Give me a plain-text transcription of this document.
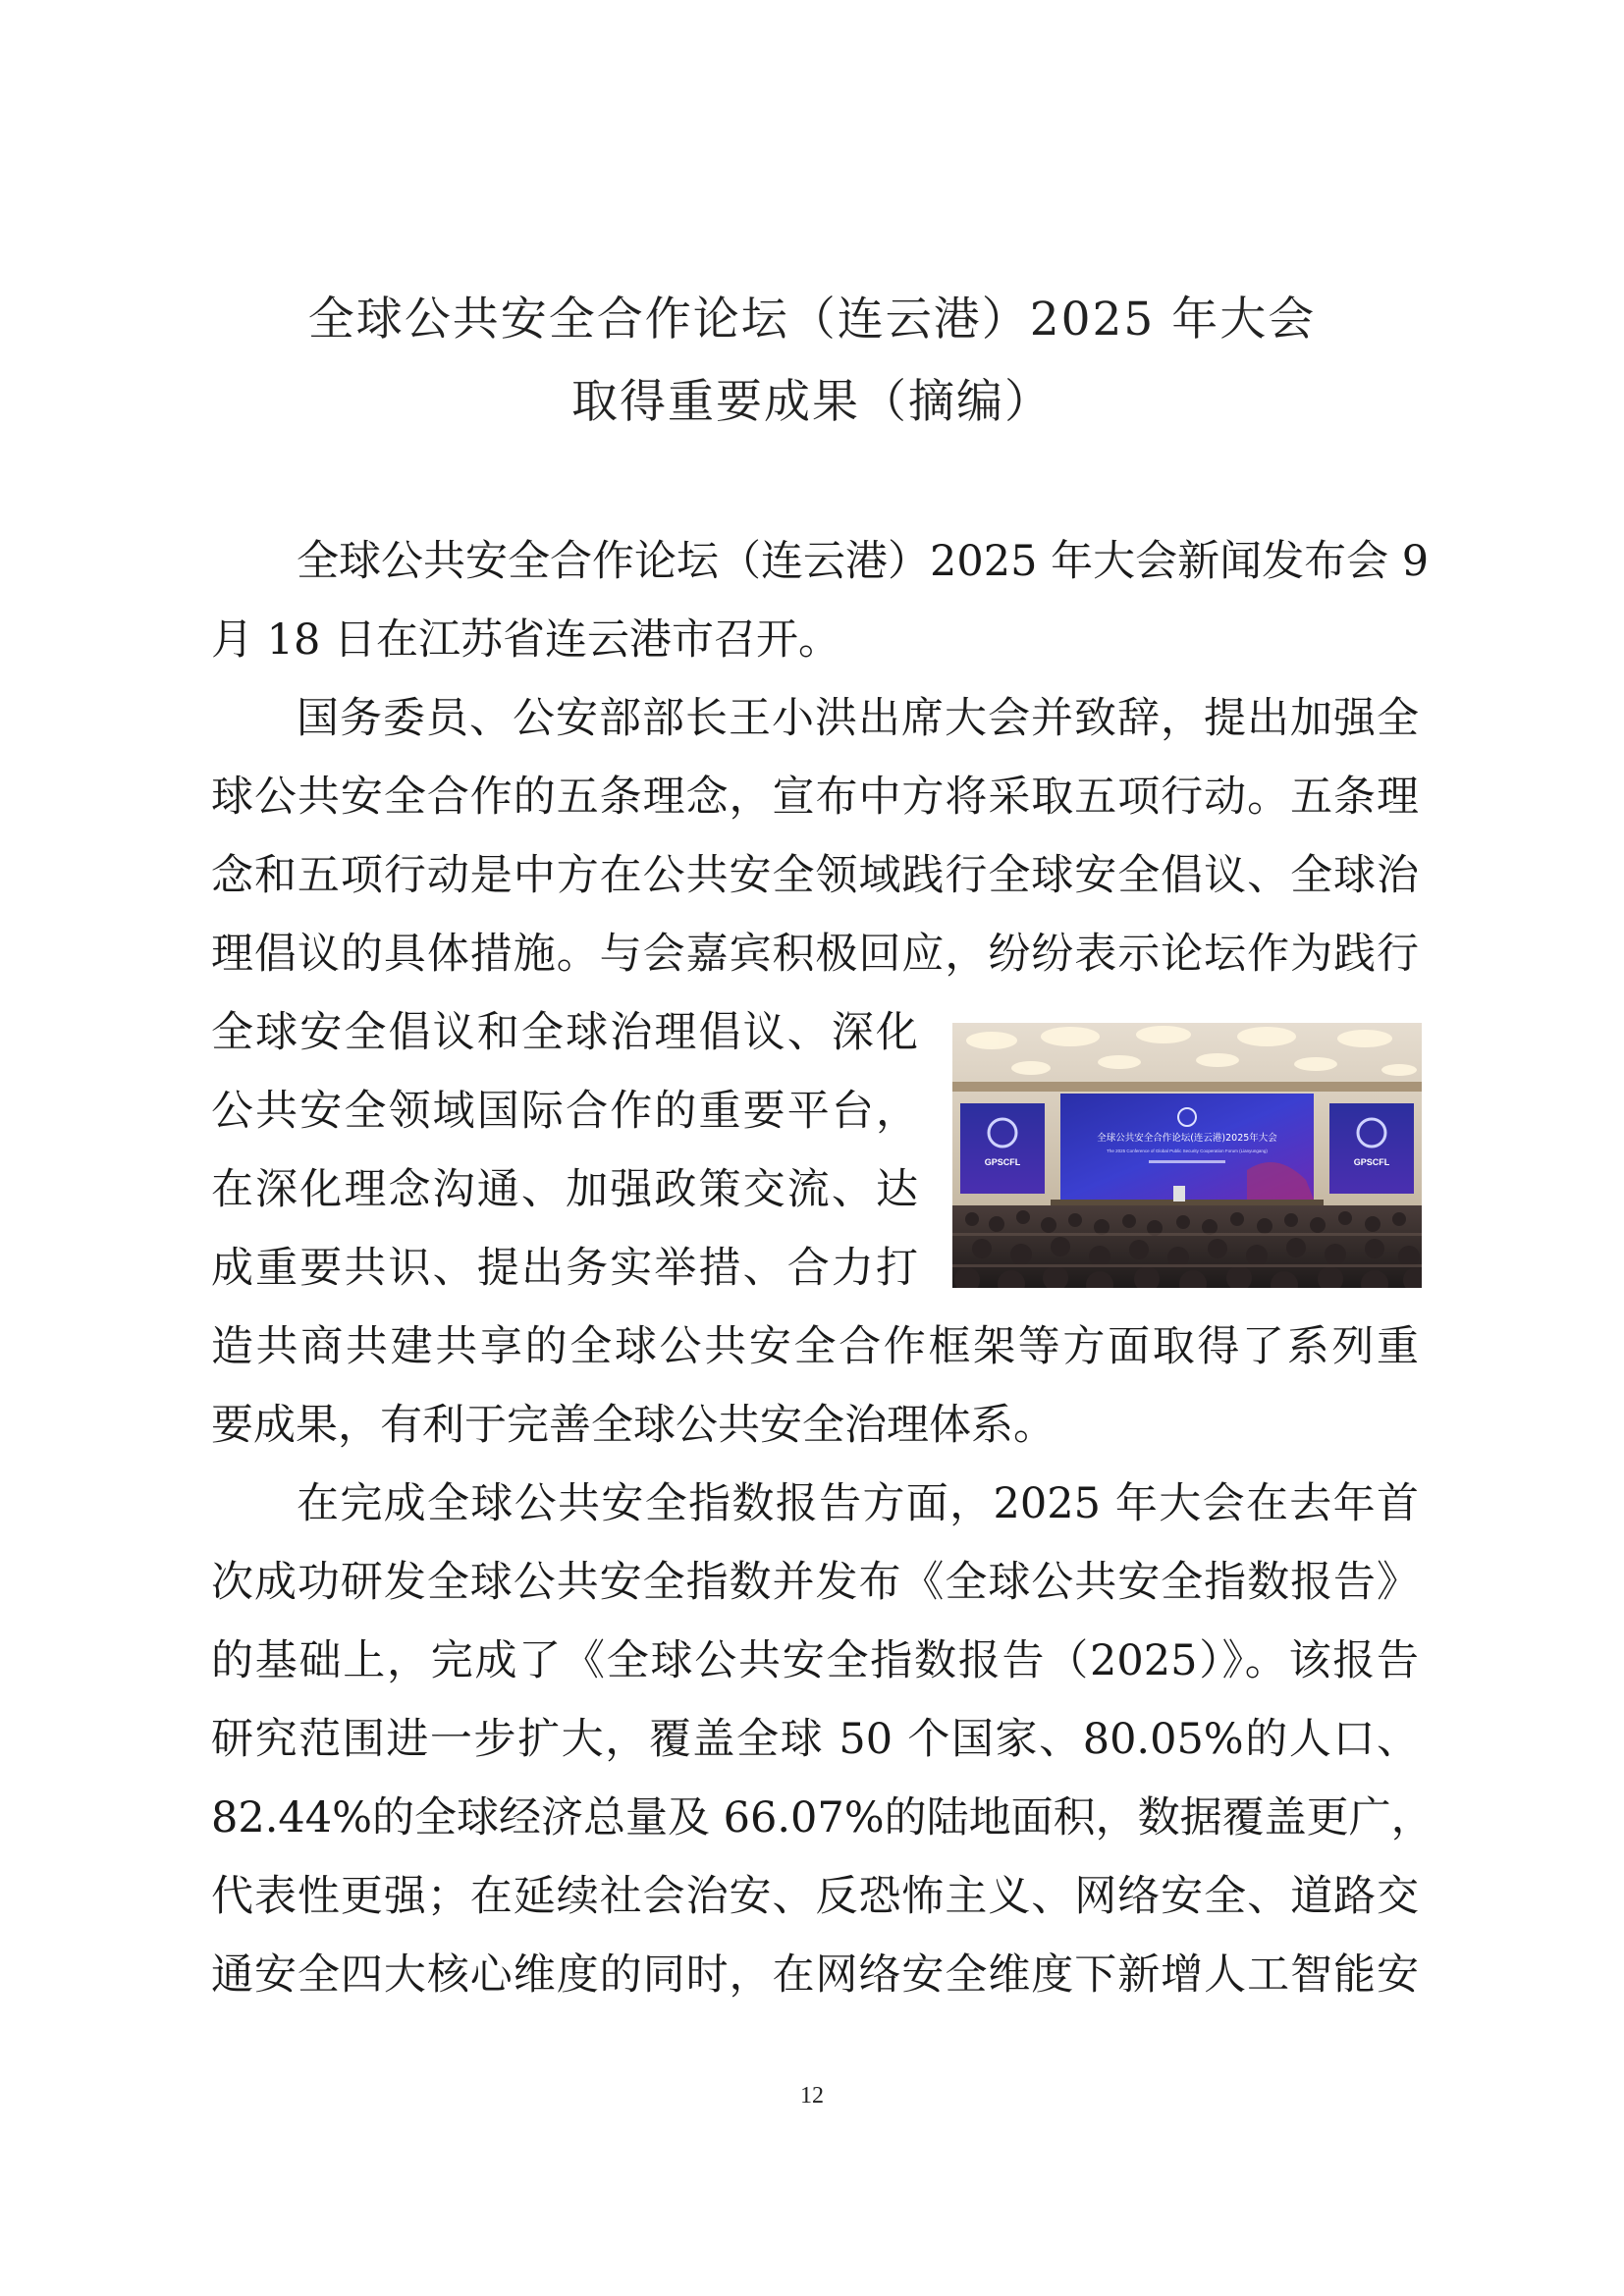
全球公共安全合作论坛（连云港）2025 年大会
取得重要成果（摘编）
全球公共安全合作论坛（连云港）2025 年大会新闻发布会 9
月 18 日在江苏省连云港市召开。
国务委员、公安部部长王小洪出席大会并致辞，提出加强全
球公共安全合作的五条理念，宣布中方将采取五项行动。五条理
念和五项行动是中方在公共安全领域践行全球安全倡议、全球治
理倡议的具体措施。与会嘉宾积极回应，纷纷表示论坛作为践行
全球安全倡议和全球治理倡议、深化
公共安全领域国际合作的重要平台，
在深化理念沟通、加强政策交流、达
成重要共识、提出务实举措、合力打
造共商共建共享的全球公共安全合作框架等方面取得了系列重
要成果，有利于完善全球公共安全治理体系。
在完成全球公共安全指数报告方面，2025 年大会在去年首
次成功研发全球公共安全指数并发布《全球公共安全指数报告》
的基础上，完成了《全球公共安全指数报告（2025）》。该报告
研究范围进一步扩大，覆盖全球 50 个国家、80.05%的人口、
82.44%的全球经济总量及 66.07%的陆地面积，数据覆盖更广，
代表性更强；在延续社会治安、反恐怖主义、网络安全、道路交
通安全四大核心维度的同时，在网络安全维度下新增人工智能安
GPSCFL	GPSCFL
全球公共安全合作论坛(连云港)2025年大会
The 2025 Conference of Global Public Security Cooperation Forum (Lianyungang)
12
